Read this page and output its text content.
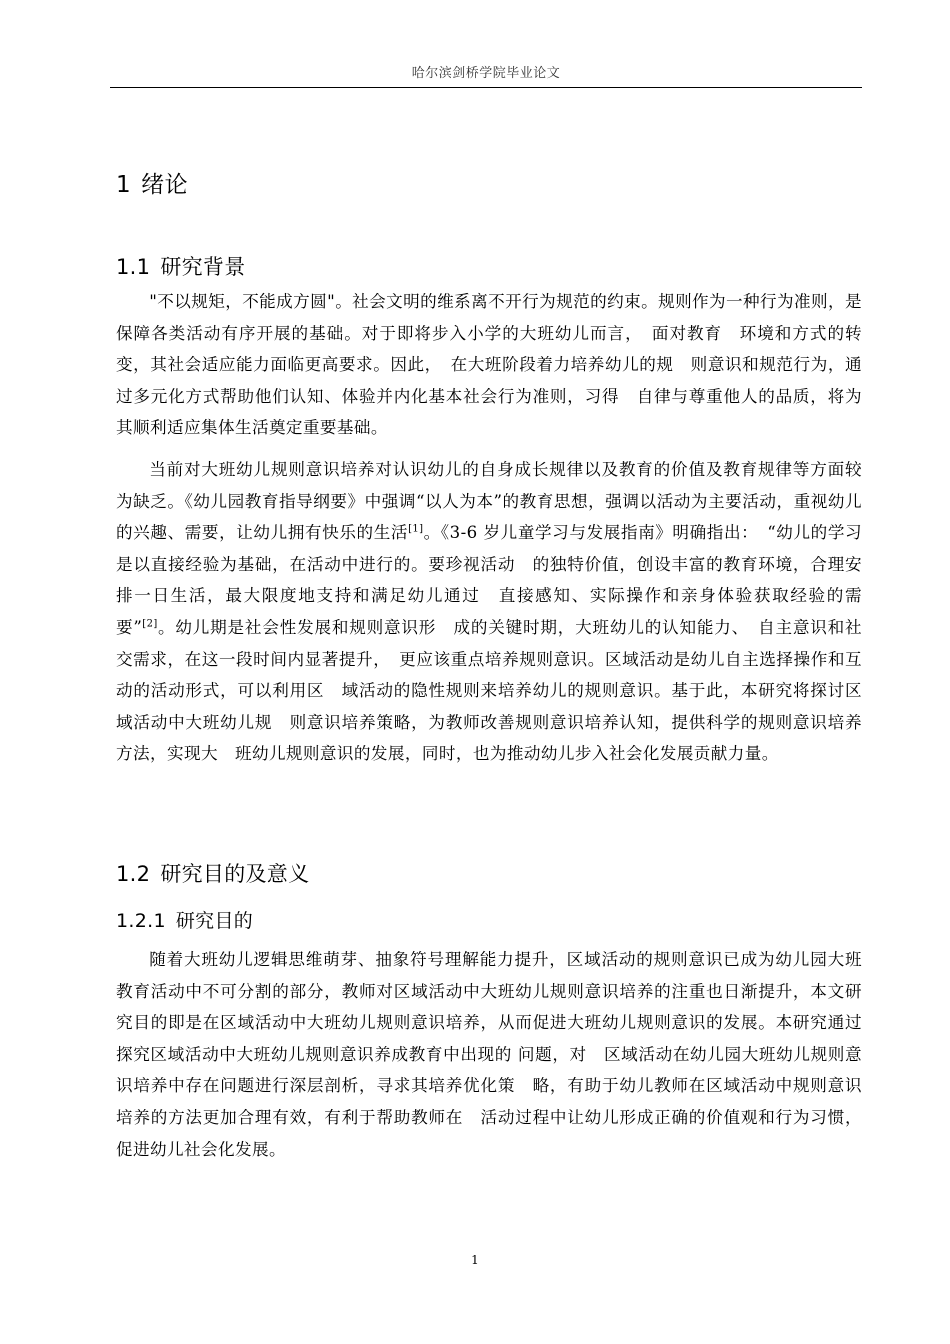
哈尔滨剑桥学院毕业论文
1 绪论
1.1 研究背景

"不以规矩，不能成方圆"。社会文明的维系离不开行为规范的约束。规则作为一种行为准则，是保障各类活动有序开展的基础。对于即将步入小学的大班幼儿而言，　面对教育　环境和方式的转变，其社会适应能力面临更高要求。因此，　在大班阶段着力培养幼儿的规　则意识和规范行为，通过多元化方式帮助他们认知、体验并内化基本社会行为准则，习得　自律与尊重他人的品质，将为其顺利适应集体生活奠定重要基础。

当前对大班幼儿规则意识培养对认识幼儿的自身成长规律以及教育的价值及教育规律等方面较为缺乏。《幼儿园教育指导纲要》中强调“以人为本”的教育思想，强调以活动为主要活动，重视幼儿的兴趣、需要，让幼儿拥有快乐的生活[1]。《3-6 岁儿童学习与发展指南》明确指出：　“幼儿的学习是以直接经验为基础，在活动中进行的。要珍视活动　的独特价值，创设丰富的教育环境，合理安排一日生活，最大限度地支持和满足幼儿通过　直接感知、实际操作和亲身体验获取经验的需要”[2]。幼儿期是社会性发展和规则意识形　成的关键时期，大班幼儿的认知能力、　自主意识和社交需求，在这一段时间内显著提升，　更应该重点培养规则意识。区域活动是幼儿自主选择操作和互动的活动形式，可以利用区　域活动的隐性规则来培养幼儿的规则意识。基于此，本研究将探讨区域活动中大班幼儿规　则意识培养策略，为教师改善规则意识培养认知，提供科学的规则意识培养方法，实现大　班幼儿规则意识的发展，同时，也为推动幼儿步入社会化发展贡献力量。

1.2 研究目的及意义
1.2.1 研究目的

随着大班幼儿逻辑思维萌芽、抽象符号理解能力提升，区域活动的规则意识已成为幼儿园大班教育活动中不可分割的部分，教师对区域活动中大班幼儿规则意识培养的注重也日渐提升，本文研究目的即是在区域活动中大班幼儿规则意识培养，从而促进大班幼儿规则意识的发展。本研究通过探究区域活动中大班幼儿规则意识养成教育中出现的 问题，对　区域活动在幼儿园大班幼儿规则意识培养中存在问题进行深层剖析，寻求其培养优化策　略，有助于幼儿教师在区域活动中规则意识培养的方法更加合理有效，有利于帮助教师在　活动过程中让幼儿形成正确的价值观和行为习惯，促进幼儿社会化发展。

1
